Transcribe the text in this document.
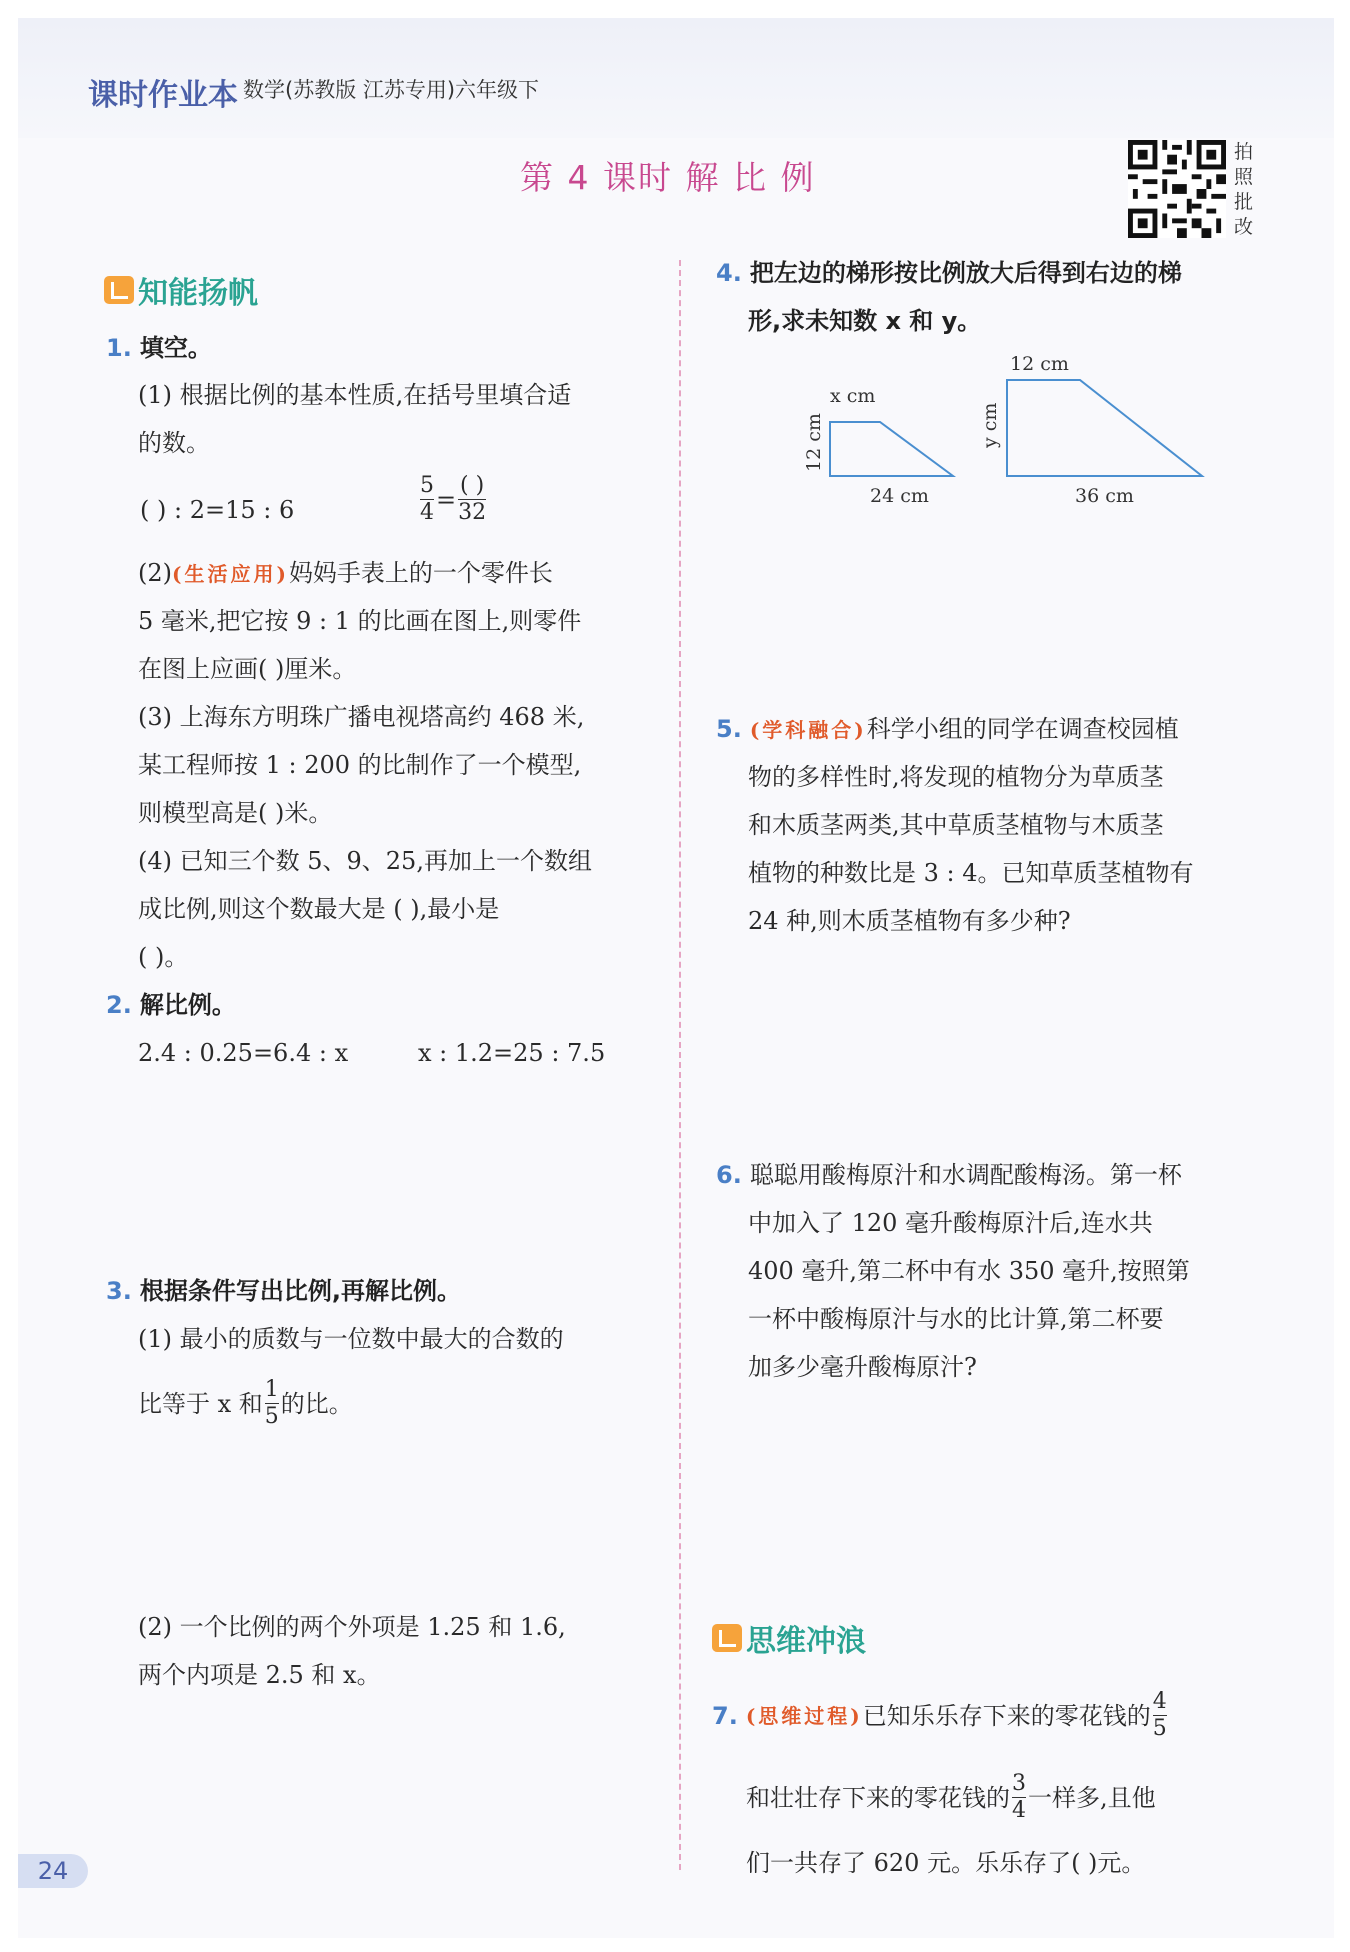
课时作业本 数学(苏教版 江苏专用)六年级下
第 4 课时 解 比 例
拍照批改
知能扬帆
1. 填空。
(1) 根据比例的基本性质,在括号里填合适
的数。
( ) : 2=15 : 6	$\frac{5}{4} = \frac{( )}{32}$
(2)(生活应用)妈妈手表上的一个零件长
5 毫米,把它按 9 : 1 的比画在图上,则零件
在图上应画( )厘米。
(3) 上海东方明珠广播电视塔高约 468 米,
某工程师按 1 : 200 的比制作了一个模型,
则模型高是( )米。
(4) 已知三个数 5、9、25,再加上一个数组
成比例,则这个数最大是 ( ),最小是
( )。
2. 解比例。
2.4 : 0.25=6.4 : x	x : 1.2=25 : 7.5
3. 根据条件写出比例,再解比例。
(1) 最小的质数与一位数中最大的合数的
比等于 x 和 $\frac{1}{5}$ 的比。
(2) 一个比例的两个外项是 1.25 和 1.6,
两个内项是 2.5 和 x。
4. 把左边的梯形按比例放大后得到右边的梯
形,求未知数 x 和 y。
x cm
12 cm
24 cm
12 cm
y cm
36 cm
5. (学科融合)科学小组的同学在调查校园植
物的多样性时,将发现的植物分为草质茎
和木质茎两类,其中草质茎植物与木质茎
植物的种数比是 3 : 4。已知草质茎植物有
24 种,则木质茎植物有多少种?
6. 聪聪用酸梅原汁和水调配酸梅汤。第一杯
中加入了 120 毫升酸梅原汁后,连水共
400 毫升,第二杯中有水 350 毫升,按照第
一杯中酸梅原汁与水的比计算,第二杯要
加多少毫升酸梅原汁?
思维冲浪
7. (思维过程) 已知乐乐存下来的零花钱的 $\frac{4}{5}$
和壮壮存下来的零花钱的 $\frac{3}{4}$ 一样多,且他
们一共存了 620 元。乐乐存了( )元。
24
